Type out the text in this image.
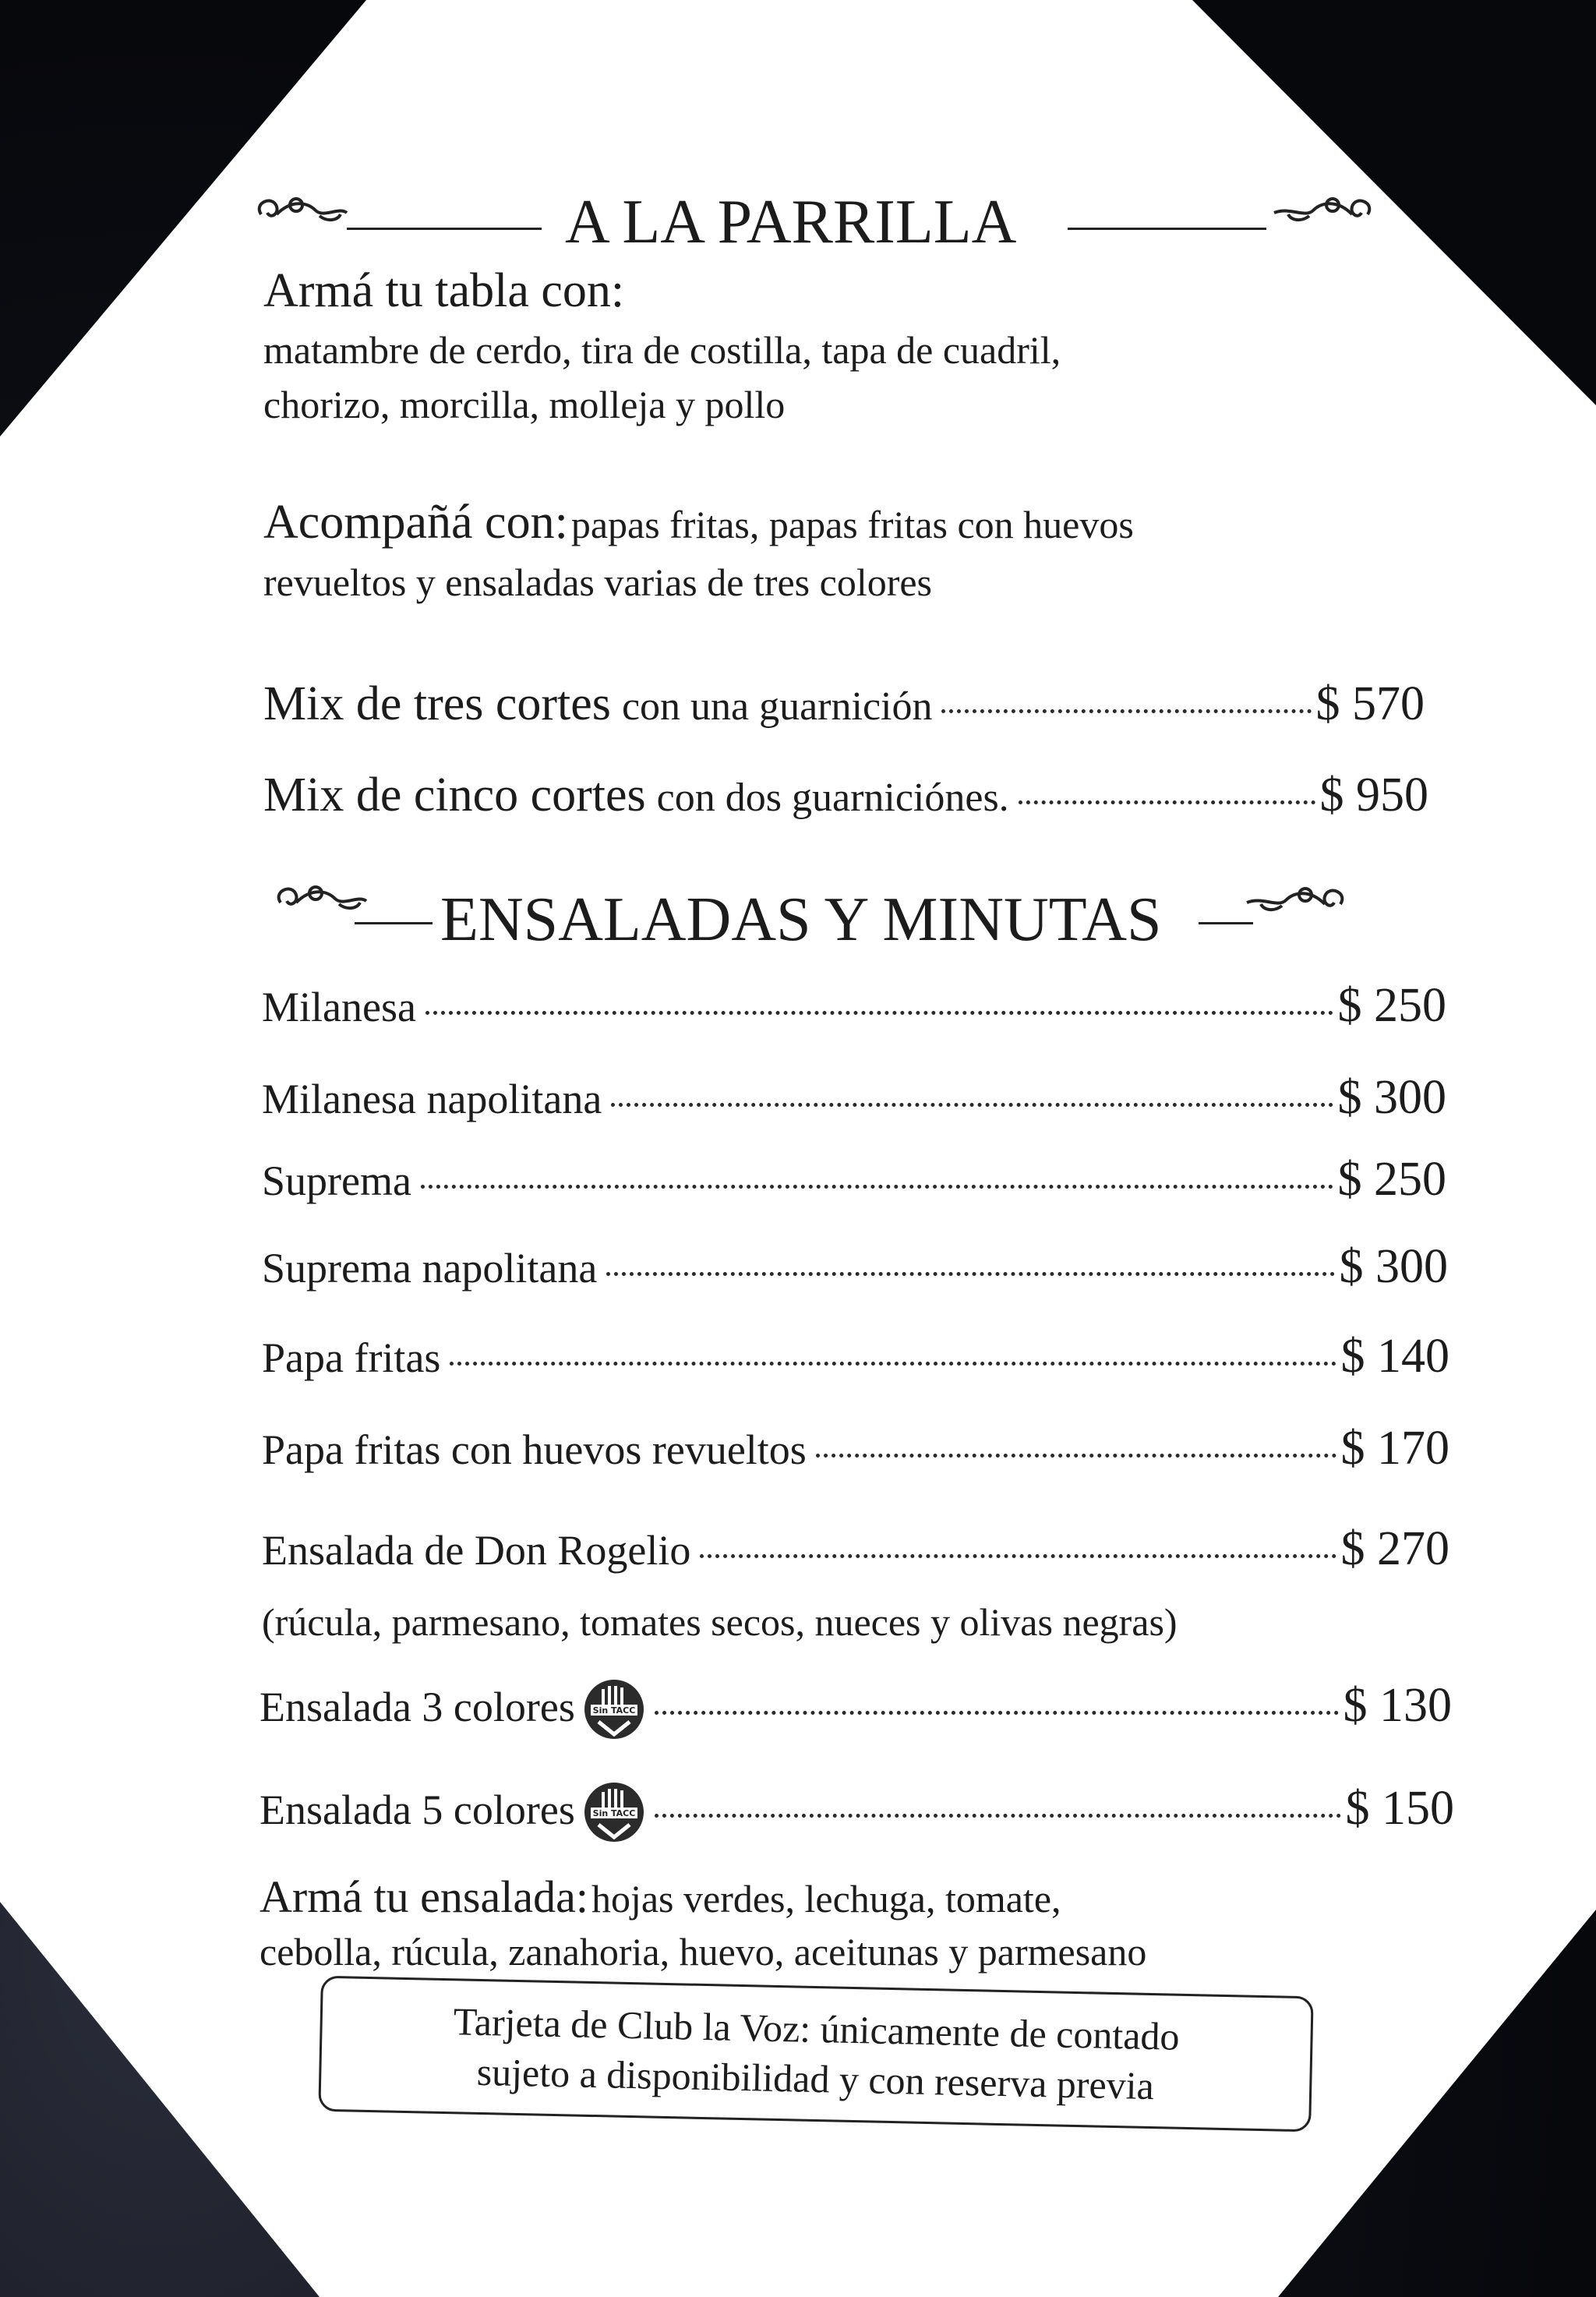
A LA PARRILLA
Armá tu tabla con:
matambre de cerdo, tira de costilla, tapa de cuadril,
chorizo, morcilla, molleja y pollo
Acompañá con: papas fritas, papas fritas con huevos
revueltos y ensaladas varias de tres colores
Mix de tres cortes con una guarnición	$ 570
Mix de cinco cortes con dos guarniciónes.	$ 950
ENSALADAS Y MINUTAS
Milanesa	$ 250
Milanesa napolitana	$ 300
Suprema	$ 250
Suprema napolitana	$ 300
Papa fritas	$ 140
Papa fritas con huevos revueltos	$ 170
Ensalada de Don Rogelio	$ 270
(rúcula, parmesano, tomates secos, nueces y olivas negras)
Ensalada 3 colores Sin TACC	$ 130
Ensalada 5 colores Sin TACC	$ 150
Armá tu ensalada: hojas verdes, lechuga, tomate,
cebolla, rúcula, zanahoria, huevo, aceitunas y parmesano
Tarjeta de Club la Voz: únicamente de contado
sujeto a disponibilidad y con reserva previa
